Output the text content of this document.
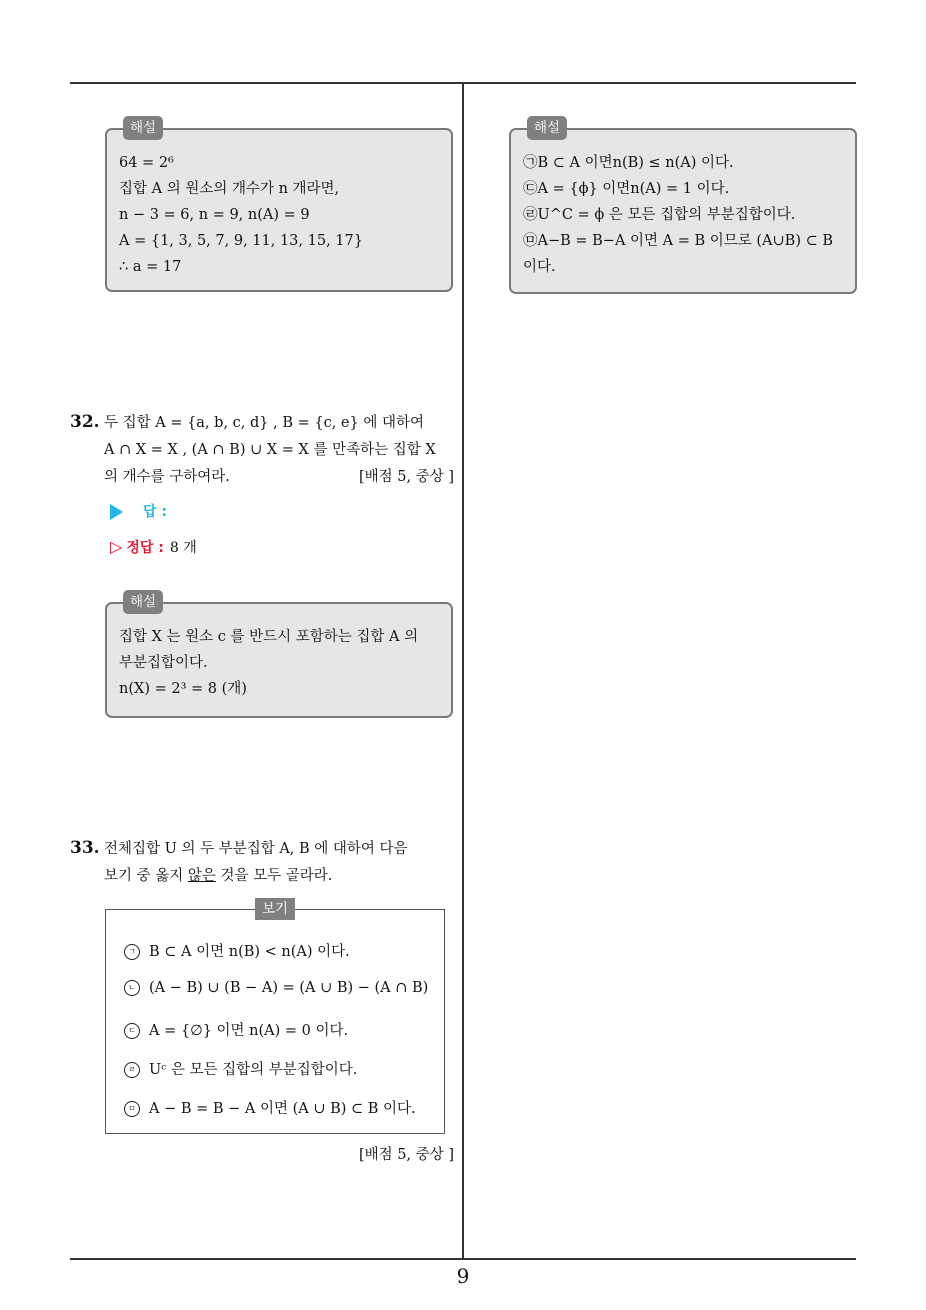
해설
64 = 2⁶
집합 A 의 원소의 개수가 n 개라면,
n − 3 = 6, n = 9, n(A) = 9
A = {1, 3, 5, 7, 9, 11, 13, 15, 17}
∴ a = 17
해설
㉠B ⊂ A 이면n(B) ≤ n(A) 이다.
㉢A = {ϕ} 이면n(A) = 1 이다.
㉣U^C = ϕ 은 모든 집합의 부분집합이다.
㉤A−B = B−A 이면 A = B 이므로 (A∪B) ⊂ B
이다.
32. 두 집합 A = {a, b, c, d} , B = {c, e} 에 대하여
A ∩ X = X , (A ∩ B) ∪ X = X 를 만족하는 집합 X
의 개수를 구하여라.	[배점 5, 중상 ]
답 :
▷ 정답 : 8 개
해설
집합 X 는 원소 c 를 반드시 포함하는 집합 A 의
부분집합이다.
n(X) = 2³ = 8 (개)
33. 전체집합 U 의 두 부분집합 A, B 에 대하여 다음
보기 중 옳지 않은 것을 모두 골라라.
보기
ㄱ B ⊂ A 이면 n(B) < n(A) 이다.
ㄴ (A − B) ∪ (B − A) = (A ∪ B) − (A ∩ B)
ㄷ A = {∅} 이면 n(A) = 0 이다.
ㄹ Uᶜ 은 모든 집합의 부분집합이다.
ㅁ A − B = B − A 이면 (A ∪ B) ⊂ B 이다.
[배점 5, 중상 ]
9
